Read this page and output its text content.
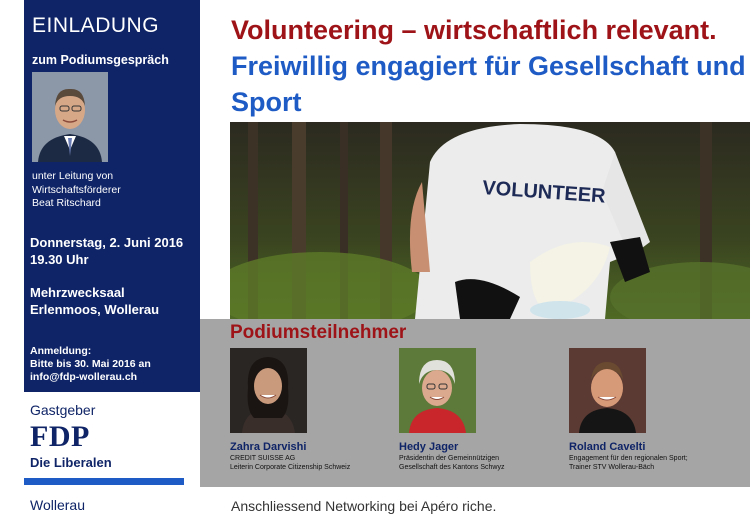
EINLADUNG
zum Podiumsgespräch
unter Leitung von
Wirtschaftsförderer
Beat Ritschard
Donnerstag, 2. Juni 2016
19.30 Uhr
Mehrzwecksaal
Erlenmoos, Wollerau
Anmeldung:
Bitte bis 30. Mai 2016 an
info@fdp-wollerau.ch
Gastgeber
FDP
Die Liberalen
Wollerau
Volunteering – wirtschaftlich relevant. Freiwillig engagiert für Gesellschaft und Sport
VOLUNTEER
Podiumsteilnehmer
Zahra Darvishi
CREDIT SUISSE AG
Leiterin Corporate Citizenship Schweiz
Hedy Jager
Präsidentin der Gemeinnützigen
Gesellschaft des Kantons Schwyz
Roland Cavelti
Engagement für den regionalen Sport;
Trainer STV Wollerau-Bäch
Anschliessend Networking bei Apéro riche.
